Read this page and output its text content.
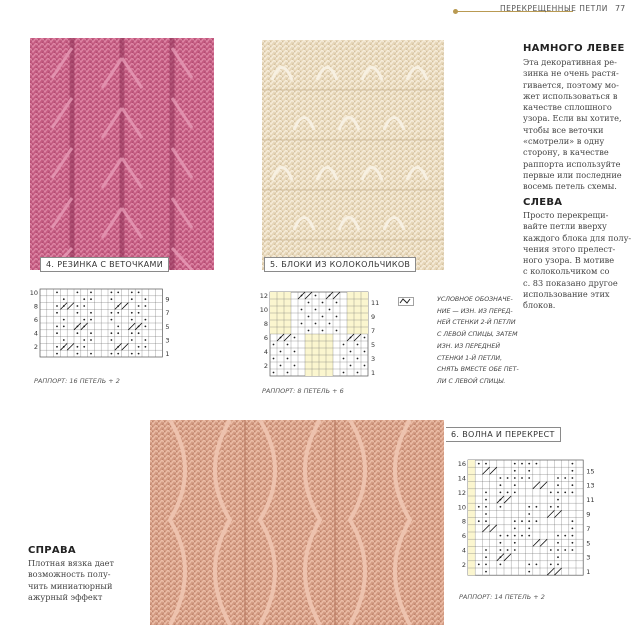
ПЕРЕКРЕЩЕННЫЕ ПЕТЛИ 77
4. РЕЗИНКА С ВЕТОЧКАМИ	5. БЛОКИ ИЗ КОЛОКОЛЬЧИКОВ
6. ВОЛНА И ПЕРЕКРЕСТ
10
8
6
4
2
9
7
5
3
1
РАППОРТ: 16 ПЕТЕЛЬ + 2
12
10
8
6
4
2
11
9
7
5
3
1
РАППОРТ: 8 ПЕТЕЛЬ + 6
16
14
12
10
8
6
4
2
15
13
11
9
7
5
3
1
РАППОРТ: 14 ПЕТЕЛЬ + 2
УСЛОВНОЕ ОБОЗНАЧЕ-
НИЕ — ИЗН. ИЗ ПЕРЕД-
НЕЙ СТЕНКИ 2-Й ПЕТЛИ
С ЛЕВОЙ СПИЦЫ, ЗАТЕМ
ИЗН. ИЗ ПЕРЕДНЕЙ
СТЕНКИ 1-Й ПЕТЛИ,
СНЯТЬ ВМЕСТЕ ОБЕ ПЕТ-
ЛИ С ЛЕВОЙ СПИЦЫ.
НАМНОГО ЛЕВЕЕ
Эта декоративная ре-
зинка не очень растя-
гивается, поэтому мо-
жет использоваться в
качестве сплошного
узора. Если вы хотите,
чтобы все веточки
«смотрели» в одну
сторону, в качестве
раппорта используйте
первые или последние
восемь петель схемы.
СЛЕВА
Просто перекрещи-
вайте петли вверху
каждого блока для полу-
чения этого прелест-
ного узора. В мотиве
с колокольчиком со
с. 83 показано другое
использование этих
блоков.
СПРАВА
Плотная вязка дает
возможность полу-
чить миниатюрный
ажурный эффект
